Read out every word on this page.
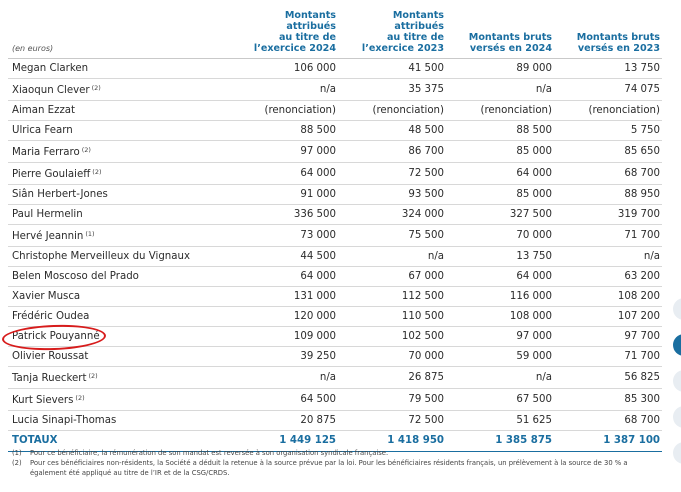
(en euros)	Montants
attribués
au titre de
l’exercice 2024	Montants
attribués
au titre de
l’exercice 2023	Montants bruts
versés en 2024	Montants bruts
versés en 2023
Megan Clarken	106 000	41 500	89 000	13 750
Xiaoqun Clever $^{(2)}$	n/a	35 375	n/a	74 075
Aiman Ezzat	(renonciation)	(renonciation)	(renonciation)	(renonciation)
Ulrica Fearn	88 500	48 500	88 500	5 750
Maria Ferraro $^{(2)}$	97 000	86 700	85 000	85 650
Pierre Goulaieff $^{(2)}$	64 000	72 500	64 000	68 700
Siân Herbert-Jones	91 000	93 500	85 000	88 950
Paul Hermelin	336 500	324 000	327 500	319 700
Hervé Jeannin $^{(1)}$	73 000	75 500	70 000	71 700
Christophe Merveilleux du Vignaux	44 500	n/a	13 750	n/a
Belen Moscoso del Prado	64 000	67 000	64 000	63 200
Xavier Musca	131 000	112 500	116 000	108 200
Frédéric Oudea	120 000	110 500	108 000	107 200
Patrick Pouyanné	109 000	102 500	97 000	97 700
Olivier Roussat	39 250	70 000	59 000	71 700
Tanja Rueckert $^{(2)}$	n/a	26 875	n/a	56 825
Kurt Sievers $^{(2)}$	64 500	79 500	67 500	85 300
Lucia Sinapi-Thomas	20 875	72 500	51 625	68 700
TOTAUX	1 449 125	1 418 950	1 385 875	1 387 100
(1)	Pour ce bénéficiaire, la rémunération de son mandat est reversée à son organisation syndicale française.
(2)	Pour ces bénéficiaires non-résidents, la Société a déduit la retenue à la source prévue par la loi. Pour les bénéficiaires résidents français, un prélèvement à la source de 30 % a également été appliqué au titre de l’IR et de la CSG/CRDS.
